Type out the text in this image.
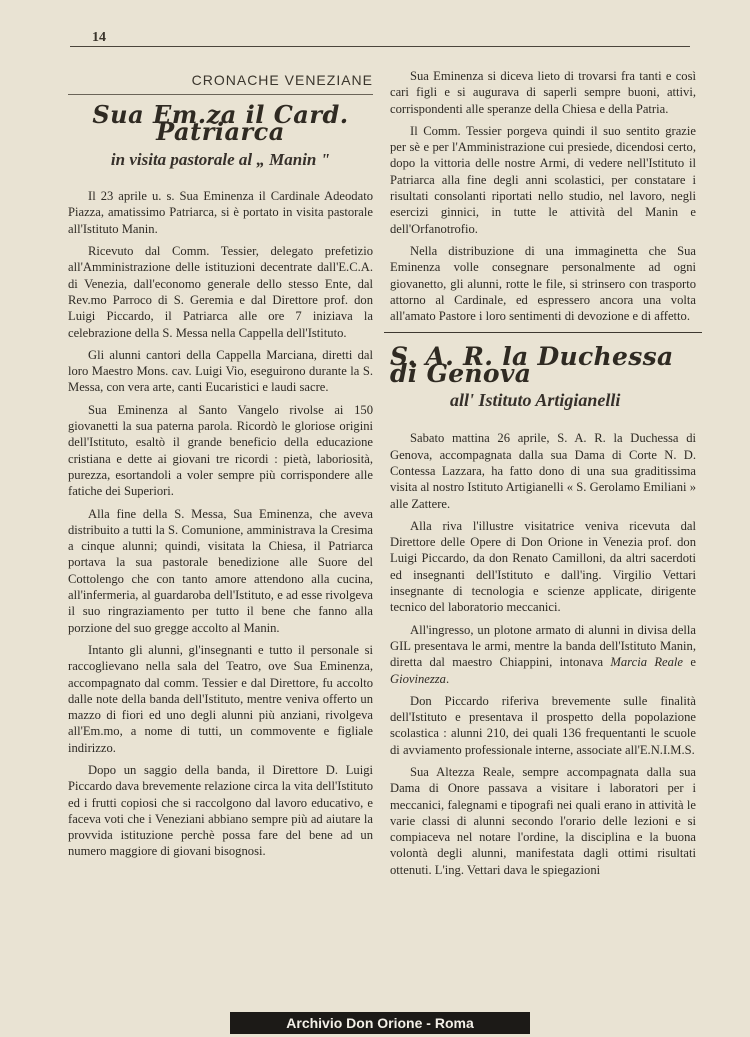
14
CRONACHE VENEZIANE
Sua Em.za il Card. Patriarca
in visita pastorale al „ Manin "

Il 23 aprile u. s. Sua Eminenza il Cardinale Adeodato Piazza, amatissimo Patriarca, si è portato in visita pastorale all'Istituto Manin.

Ricevuto dal Comm. Tessier, delegato prefetizio all'Amministrazione delle istituzioni decentrate dall'E.C.A. di Venezia, dall'economo generale dello stesso Ente, dal Rev.mo Parroco di S. Geremia e dal Direttore prof. don Luigi Piccardo, il Patriarca alle ore 7 iniziava la celebrazione della S. Messa nella Cappella dell'Istituto.

Gli alunni cantori della Cappella Marciana, diretti dal loro Maestro Mons. cav. Luigi Vio, eseguirono durante la S. Messa, con vera arte, canti Eucaristici e laudi sacre.

Sua Eminenza al Santo Vangelo rivolse ai 150 giovanetti la sua paterna parola. Ricordò le gloriose origini dell'Istituto, esaltò il grande beneficio della educazione cristiana e dette ai giovani tre ricordi : pietà, laboriosità, purezza, esortandoli a voler sempre più corrispondere alle fatiche dei Superiori.

Alla fine della S. Messa, Sua Eminenza, che aveva distribuito a tutti la S. Comunione, amministrava la Cresima a cinque alunni; quindi, visitata la Chiesa, il Patriarca portava la sua pastorale benedizione alle Suore del Cottolengo che con tanto amore attendono alla cucina, all'infermeria, al guardaroba dell'Istituto, e ad esse rivolgeva il suo ringraziamento per tutto il bene che fanno alla porzione del suo gregge accolto al Manin.

Intanto gli alunni, gl'insegnanti e tutto il personale si raccoglievano nella sala del Teatro, ove Sua Eminenza, accompagnato dal comm. Tessier e dal Direttore, fu accolto dalle note della banda dell'Istituto, mentre veniva offerto un mazzo di fiori ed uno degli alunni più anziani, rivolgeva all'Em.mo, a nome di tutti, un commovente e figliale indirizzo.

Dopo un saggio della banda, il Direttore D. Luigi Piccardo dava brevemente relazione circa la vita dell'Istituto ed i frutti copiosi che si raccolgono dal lavoro educativo, e faceva voti che i Veneziani abbiano sempre più ad aiutare la provvida istituzione perchè possa fare del bene ad un numero maggiore di giovani bisognosi.

Sua Eminenza si diceva lieto di trovarsi fra tanti e così cari figli e si augurava di saperli sempre buoni, attivi, corrispondenti alle speranze della Chiesa e della Patria.

Il Comm. Tessier porgeva quindi il suo sentito grazie per sè e per l'Amministrazione cui presiede, dicendosi certo, dopo la vittoria delle nostre Armi, di vedere nell'Istituto il Patriarca alla fine degli anni scolastici, per constatare i risultati consolanti riportati nello studio, nel lavoro, negli esercizi ginnici, in tutte le attività del Manin e dell'Orfanotrofio.

Nella distribuzione di una immaginetta che Sua Eminenza volle consegnare personalmente ad ogni giovanetto, gli alunni, rotte le file, si strinsero con trasporto attorno al Cardinale, ed espressero ancora una volta all'amato Pastore i loro sentimenti di devozione e di affetto.

S. A. R. la Duchessa di Genova
all' Istituto Artigianelli

Sabato mattina 26 aprile, S. A. R. la Duchessa di Genova, accompagnata dalla sua Dama di Corte N. D. Contessa Lazzara, ha fatto dono di una sua graditissima visita al nostro Istituto Artigianelli « S. Gerolamo Emiliani » alle Zattere.

Alla riva l'illustre visitatrice veniva ricevuta dal Direttore delle Opere di Don Orione in Venezia prof. don Luigi Piccardo, da don Renato Camilloni, da altri sacerdoti ed insegnanti dell'Istituto e dall'ing. Virgilio Vettari insegnante di tecnologia e scienze applicate, dirigente tecnico del laboratorio meccanici.

All'ingresso, un plotone armato di alunni in divisa della GIL presentava le armi, mentre la banda dell'Istituto Manin, diretta dal maestro Chiappini, intonava Marcia Reale e Giovinezza.

Don Piccardo riferiva brevemente sulle finalità dell'Istituto e presentava il prospetto della popolazione scolastica : alunni 210, dei quali 136 frequentanti le scuole di avviamento professionale interne, associate all'E.N.I.M.S.

Sua Altezza Reale, sempre accompagnata dalla sua Dama di Onore passava a visitare i laboratori per i meccanici, falegnami e tipografi nei quali erano in attività le varie classi di alunni secondo l'orario delle lezioni e si compiaceva nel notare l'ordine, la disciplina e la buona volontà degli alunni, manifestata dagli ottimi risultati ottenuti. L'ing. Vettari dava le spiegazioni

Archivio Don Orione - Roma
